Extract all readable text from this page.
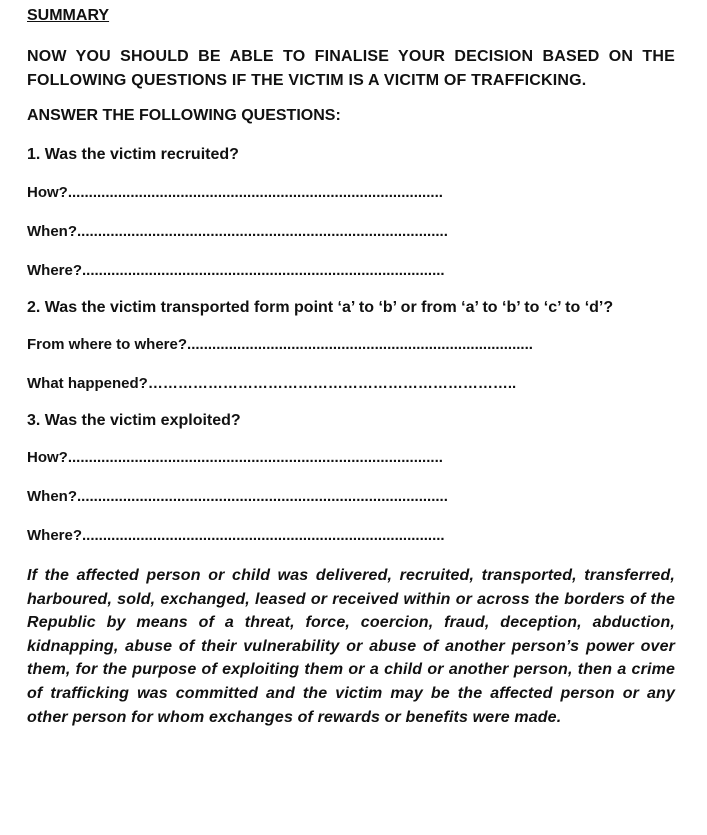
SUMMARY
NOW YOU SHOULD BE ABLE TO FINALISE YOUR DECISION BASED ON THE FOLLOWING QUESTIONS IF THE VICTIM IS A VICITM OF TRAFFICKING.
ANSWER THE FOLLOWING QUESTIONS:
1. Was the victim recruited?
How?..........................................................................................
When?.........................................................................................
Where?.......................................................................................
2. Was the victim transported form point ‘a’ to ‘b’ or from ‘a’ to ‘b’ to ‘c’ to ‘d’?
From where to where?...................................................................................
What happened?………………………………………………………………..
3. Was the victim exploited?
How?..........................................................................................
When?.........................................................................................
Where?.......................................................................................
If the affected person or child was delivered, recruited, transported, transferred, harboured, sold, exchanged, leased or received within or across the borders of the Republic by means of a threat, force, coercion, fraud, deception, abduction, kidnapping, abuse of their vulnerability or abuse of another person’s power over them, for the purpose of exploiting them or a child or another person, then a crime of trafficking was committed and the victim may be the affected person or any other person for whom exchanges of rewards or benefits were made.
